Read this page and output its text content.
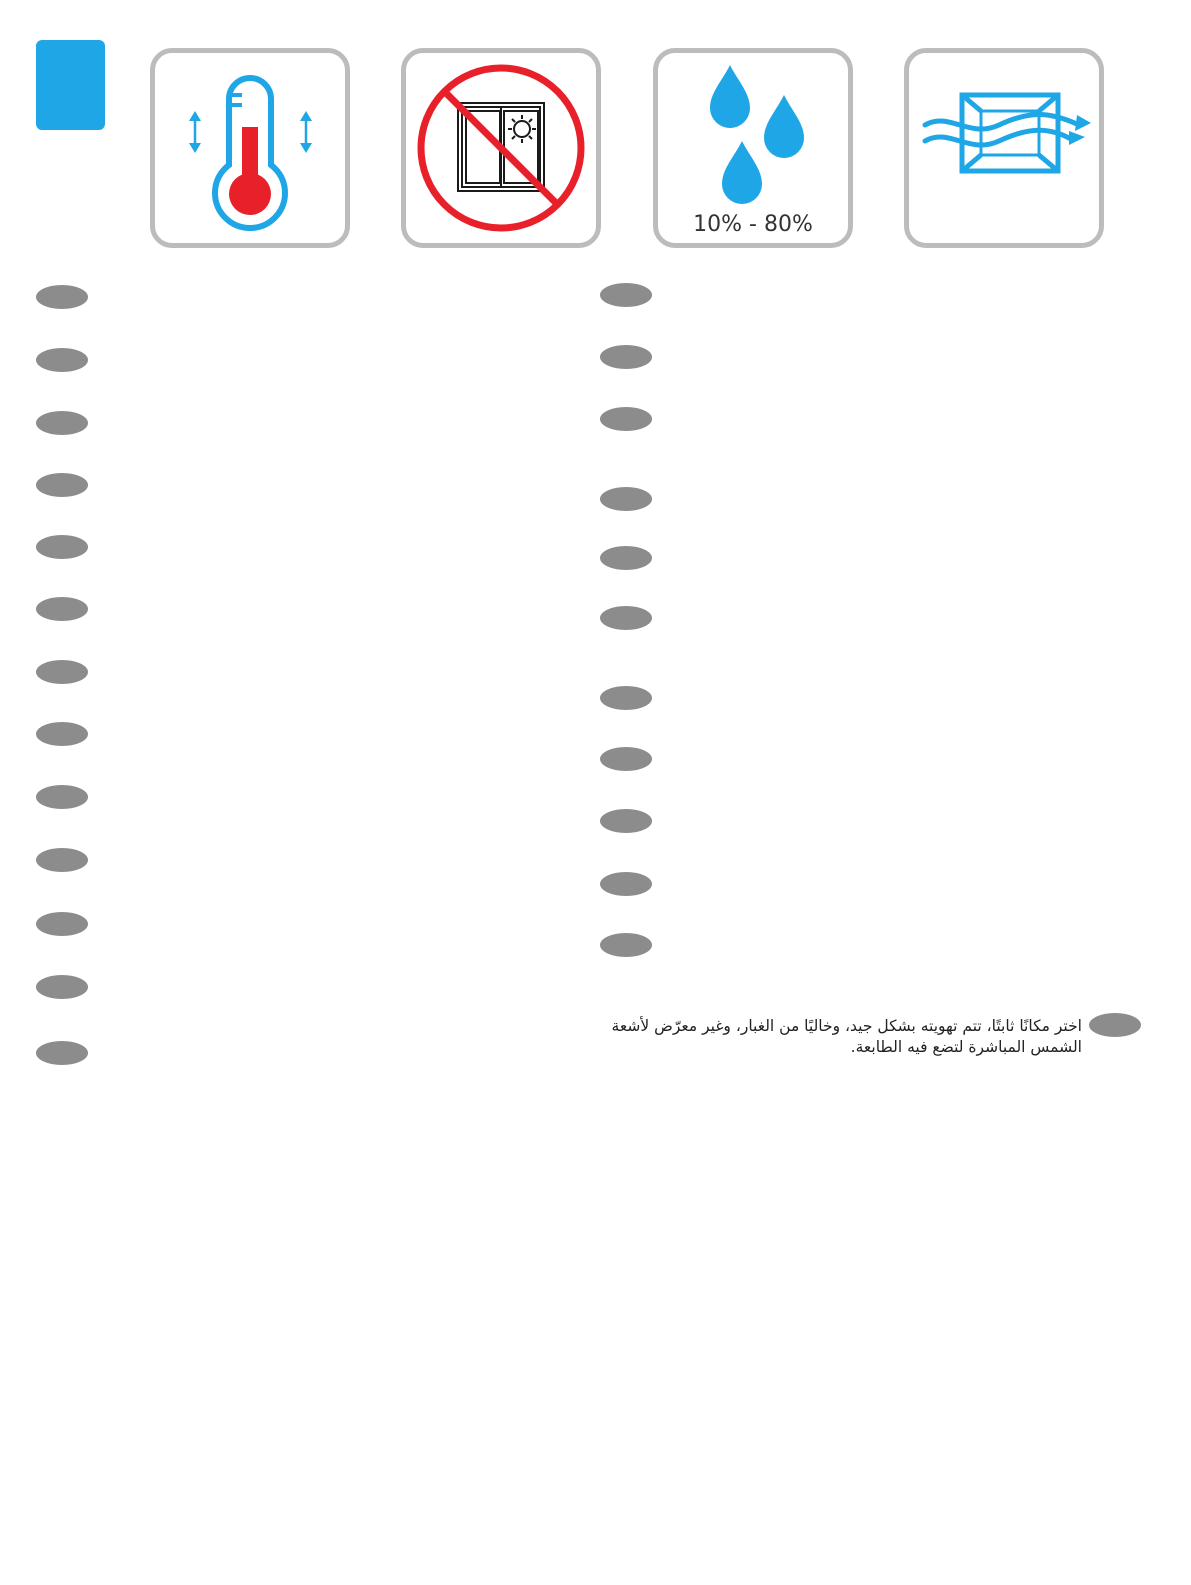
10% - 80%
اختر مكانًا ثابتًا، تتم تهويته بشكل جيد، وخاليًا من الغبار، وغير معرّض لأشعة الشمس المباشرة لتضع فيه الطابعة.
